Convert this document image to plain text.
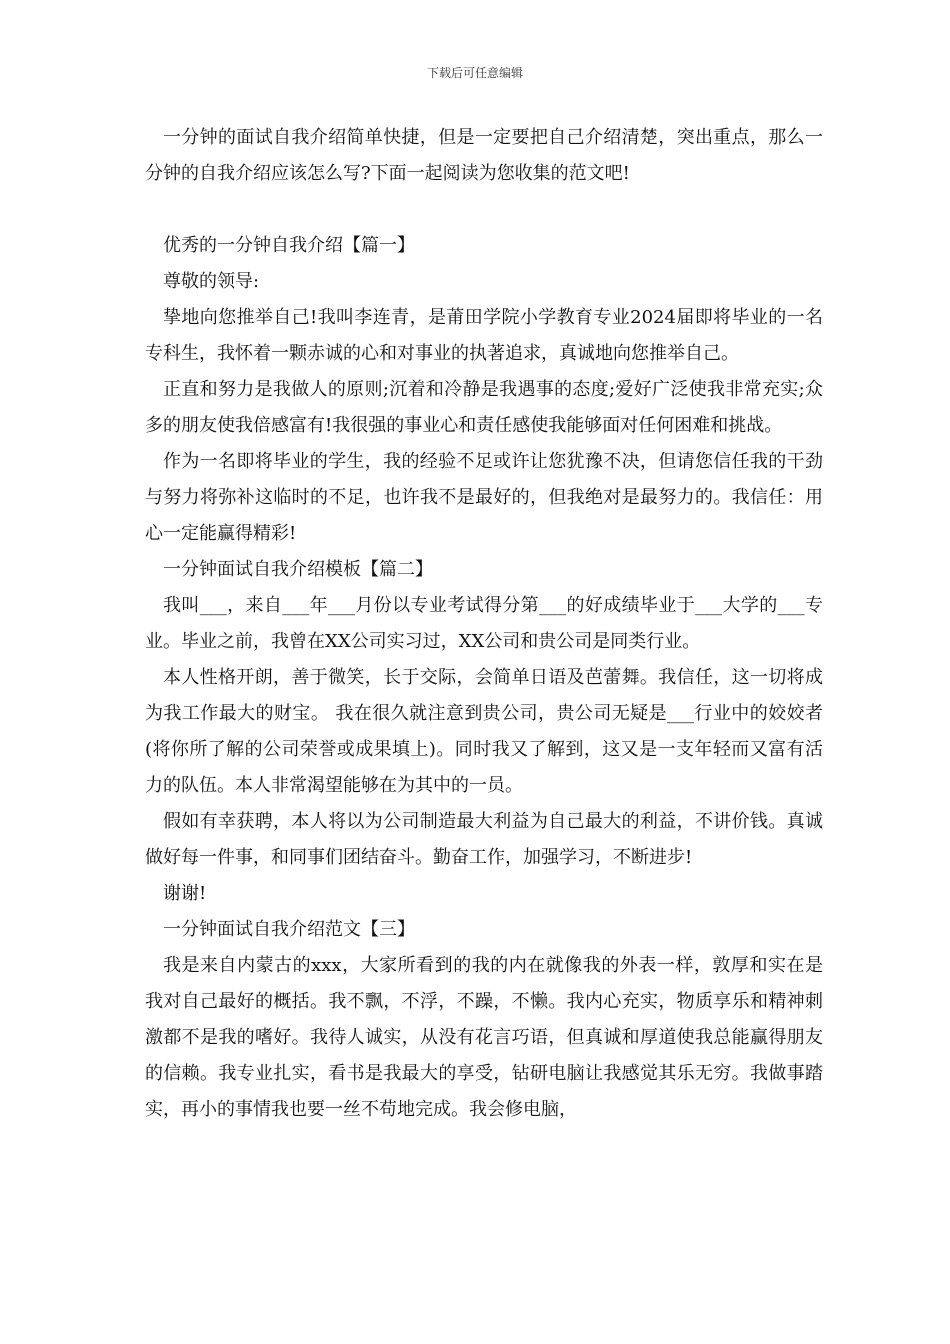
下载后可任意编辑

一分钟的面试自我介绍简单快捷，但是一定要把自己介绍清楚，突出重点，那么一分钟的自我介绍应该怎么写?下面一起阅读为您收集的范文吧!

优秀的一分钟自我介绍【篇一】

尊敬的领导:

挚地向您推举自己!我叫李连青，是莆田学院小学教育专业2024届即将毕业的一名专科生，我怀着一颗赤诚的心和对事业的执著追求，真诚地向您推举自己。

正直和努力是我做人的原则;沉着和冷静是我遇事的态度;爱好广泛使我非常充实;众多的朋友使我倍感富有!我很强的事业心和责任感使我能够面对任何困难和挑战。

作为一名即将毕业的学生，我的经验不足或许让您犹豫不决，但请您信任我的干劲与努力将弥补这临时的不足，也许我不是最好的，但我绝对是最努力的。我信任：用心一定能赢得精彩!

一分钟面试自我介绍模板【篇二】

我叫___，来自___年___月份以专业考试得分第___的好成绩毕业于___大学的___专业。毕业之前，我曾在XX公司实习过，XX公司和贵公司是同类行业。

本人性格开朗，善于微笑，长于交际，会简单日语及芭蕾舞。我信任，这一切将成为我工作最大的财宝。 我在很久就注意到贵公司，贵公司无疑是___行业中的姣姣者(将你所了解的公司荣誉或成果填上)。同时我又了解到，这又是一支年轻而又富有活力的队伍。本人非常渴望能够在为其中的一员。

假如有幸获聘，本人将以为公司制造最大利益为自己最大的利益，不讲价钱。真诚做好每一件事，和同事们团结奋斗。勤奋工作，加强学习，不断进步!

谢谢!

一分钟面试自我介绍范文【三】

我是来自内蒙古的xxx，大家所看到的我的内在就像我的外表一样，敦厚和实在是我对自己最好的概括。我不飘，不浮，不躁，不懒。我内心充实，物质享乐和精神刺激都不是我的嗜好。我待人诚实，从没有花言巧语，但真诚和厚道使我总能赢得朋友的信赖。我专业扎实，看书是我最大的享受，钻研电脑让我感觉其乐无穷。我做事踏实，再小的事情我也要一丝不苟地完成。我会修电脑，
